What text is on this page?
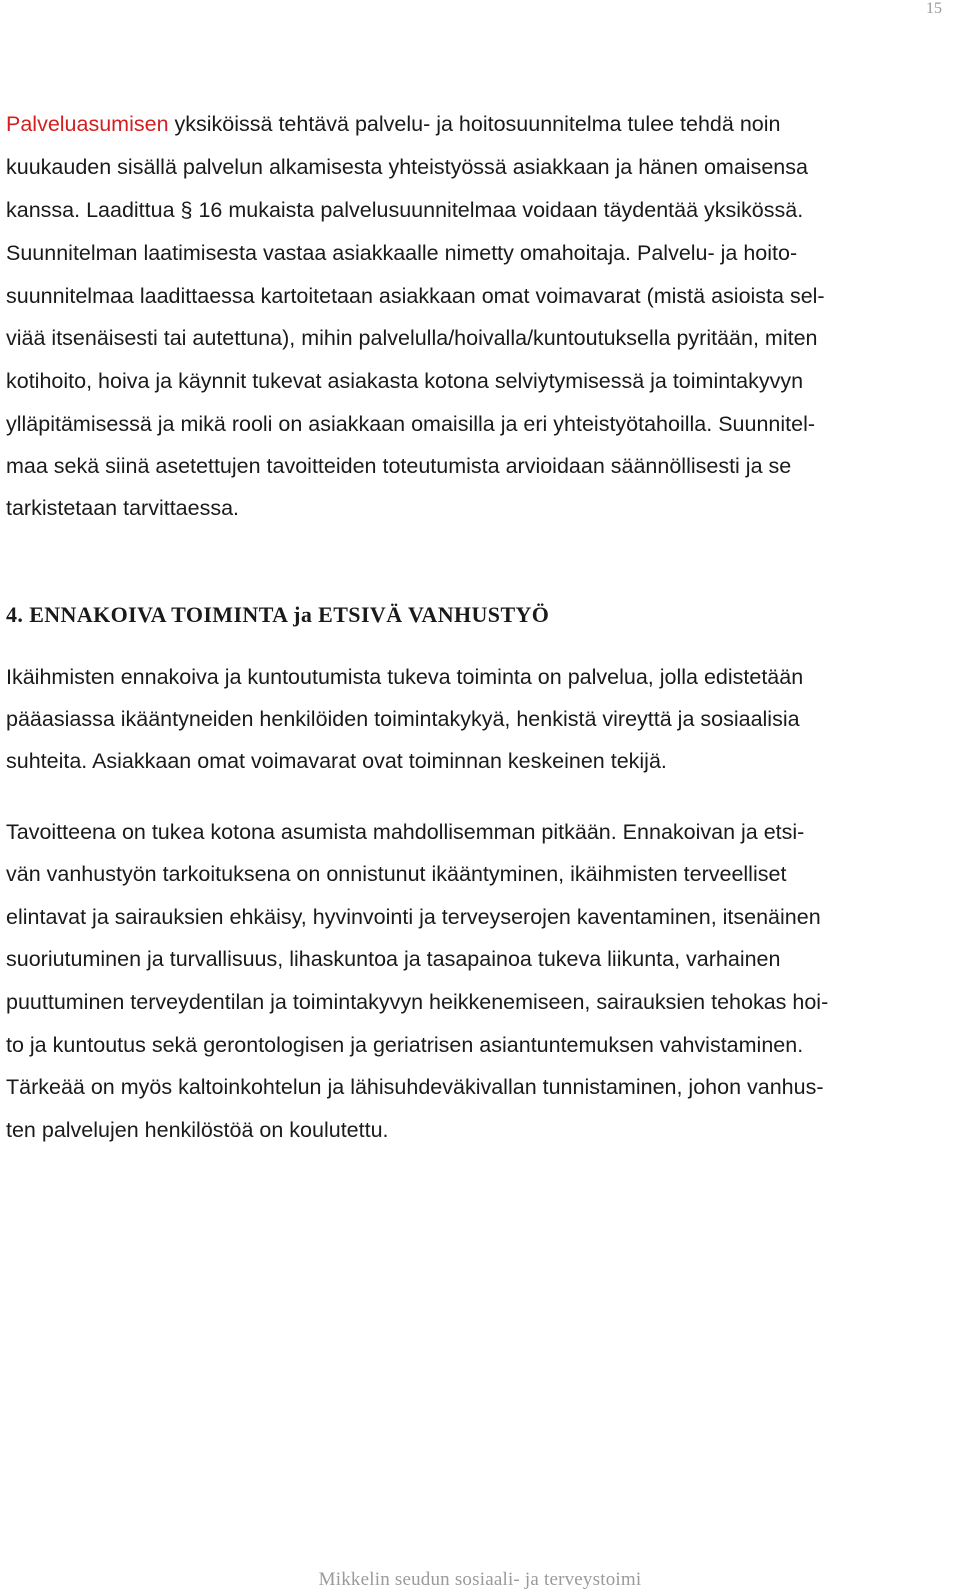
15
Palveluasumisen yksiköissä tehtävä palvelu- ja hoitosuunnitelma tulee tehdä noin
kuukauden sisällä palvelun alkamisesta yhteistyössä asiakkaan ja hänen omaisensa
kanssa. Laadittua § 16 mukaista palvelusuunnitelmaa voidaan täydentää yksikössä.
Suunnitelman laatimisesta vastaa asiakkaalle nimetty omahoitaja. Palvelu- ja hoito-
suunnitelmaa laadittaessa kartoitetaan asiakkaan omat voimavarat (mistä asioista sel-
viää itsenäisesti tai autettuna), mihin palvelulla/hoivalla/kuntoutuksella pyritään, miten
kotihoito, hoiva ja käynnit tukevat asiakasta kotona selviytymisessä ja toimintakyvyn
ylläpitämisessä ja mikä rooli on asiakkaan omaisilla ja eri yhteistyötahoilla. Suunnitel-
maa sekä siinä asetettujen tavoitteiden toteutumista arvioidaan säännöllisesti ja se
tarkistetaan tarvittaessa.
4. ENNAKOIVA TOIMINTA ja ETSIVÄ VANHUSTYÖ
Ikäihmisten ennakoiva ja kuntoutumista tukeva toiminta on palvelua, jolla edistetään
pääasiassa ikääntyneiden henkilöiden toimintakykyä, henkistä vireyttä ja sosiaalisia
suhteita. Asiakkaan omat voimavarat ovat toiminnan keskeinen tekijä.
Tavoitteena on tukea kotona asumista mahdollisemman pitkään. Ennakoivan ja etsi-
vän vanhustyön tarkoituksena on onnistunut ikääntyminen, ikäihmisten terveelliset
elintavat ja sairauksien ehkäisy, hyvinvointi ja terveyserojen kaventaminen, itsenäinen
suoriutuminen ja turvallisuus, lihaskuntoa ja tasapainoa tukeva liikunta, varhainen
puuttuminen terveydentilan ja toimintakyvyn heikkenemiseen, sairauksien tehokas hoi-
to ja kuntoutus sekä gerontologisen ja geriatrisen asiantuntemuksen vahvistaminen.
Tärkeää on myös kaltoinkohtelun ja lähisuhdeväkivallan tunnistaminen, johon vanhus-
ten palvelujen henkilöstöä on koulutettu.
Mikkelin seudun sosiaali- ja terveystoimi
